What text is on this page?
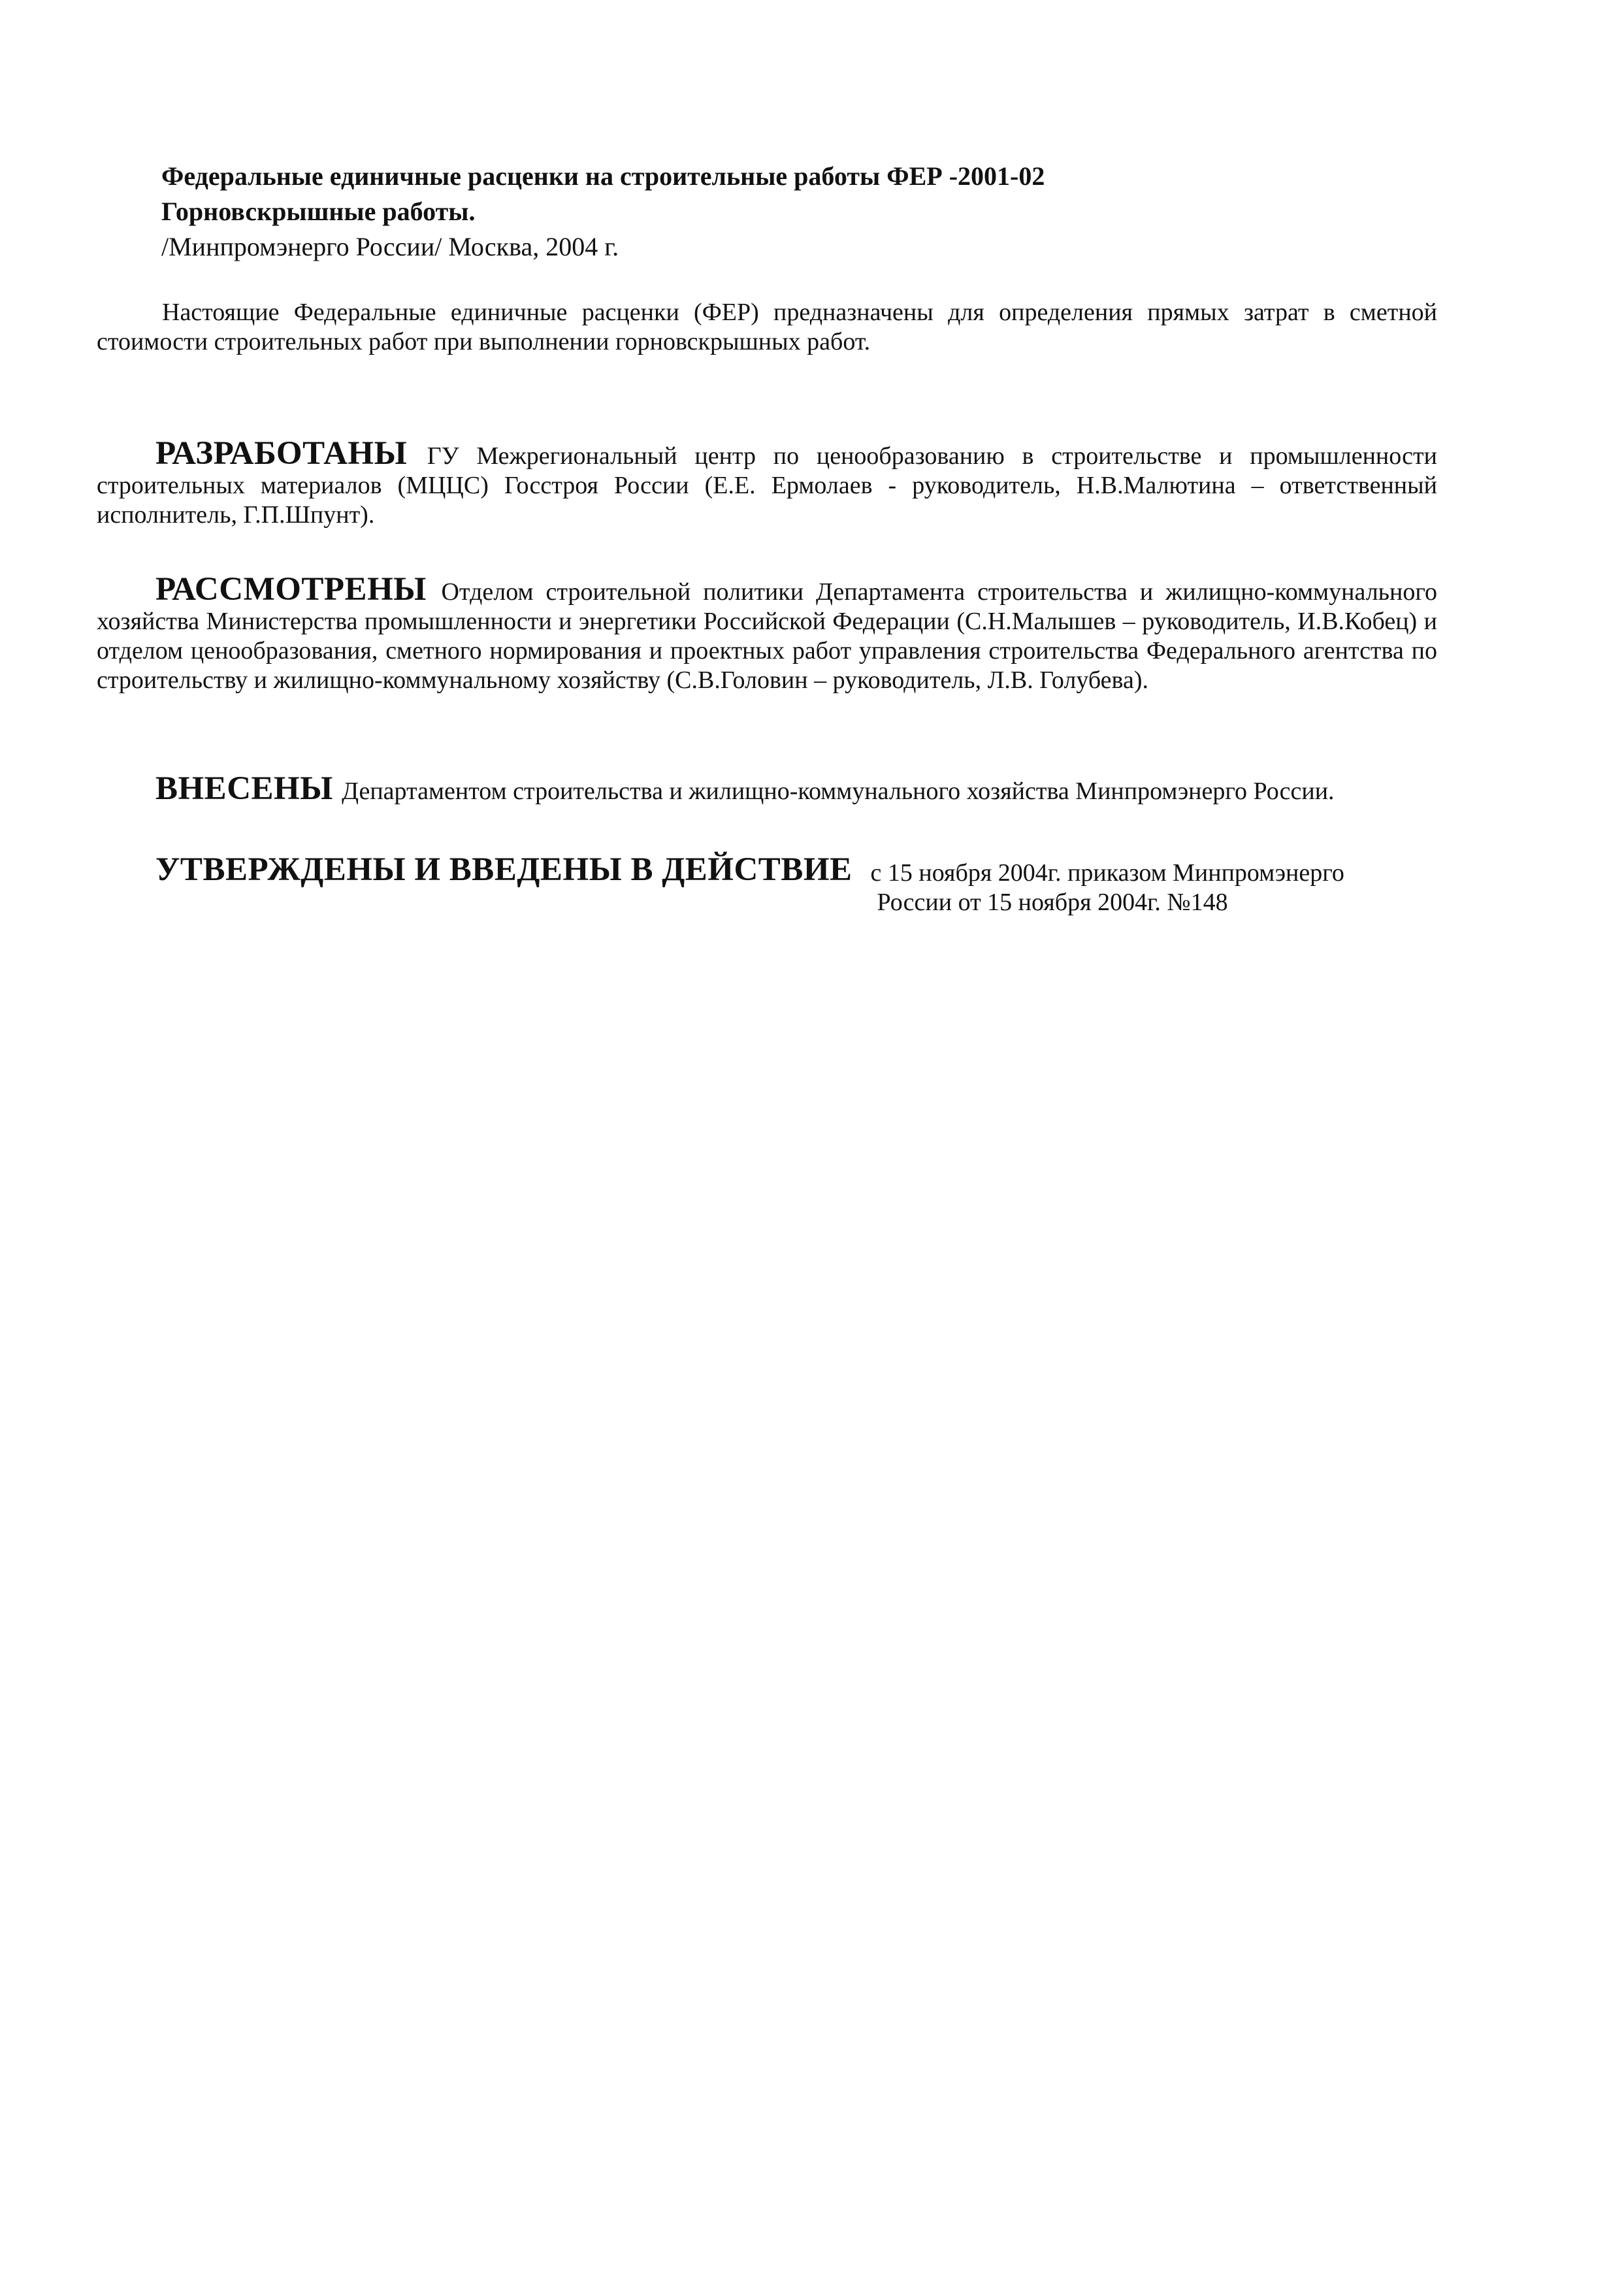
Федеральные единичные расценки на строительные работы ФЕР -2001-02
Горновскрышные работы.
/Минпромэнерго России/ Москва, 2004 г.
Настоящие Федеральные единичные расценки (ФЕР) предназначены для определения прямых затрат в сметной стоимости строительных работ при выполнении горновскрышных работ.
РАЗРАБОТАНЫ ГУ Межрегиональный центр по ценообразованию в строительстве и промышленности строительных материалов (МЦЦС) Госстроя России (Е.Е. Ермолаев - руководитель, Н.В.Малютина – ответственный исполнитель, Г.П.Шпунт).
РАССМОТРЕНЫ Отделом строительной политики Департамента строительства и жилищно-коммунального хозяйства Министерства промышленности и энергетики Российской Федерации (С.Н.Малышев – руководитель, И.В.Кобец) и отделом ценообразования, сметного нормирования и проектных работ управления строительства Федерального агентства по строительству и жилищно-коммунальному хозяйству (С.В.Головин – руководитель, Л.В. Голубева).
ВНЕСЕНЫ Департаментом строительства и жилищно-коммунального хозяйства Минпромэнерго России.
УТВЕРЖДЕНЫ И ВВЕДЕНЫ В ДЕЙСТВИЕ с 15 ноября 2004г. приказом Минпромэнерго
России от 15 ноября 2004г. №148
